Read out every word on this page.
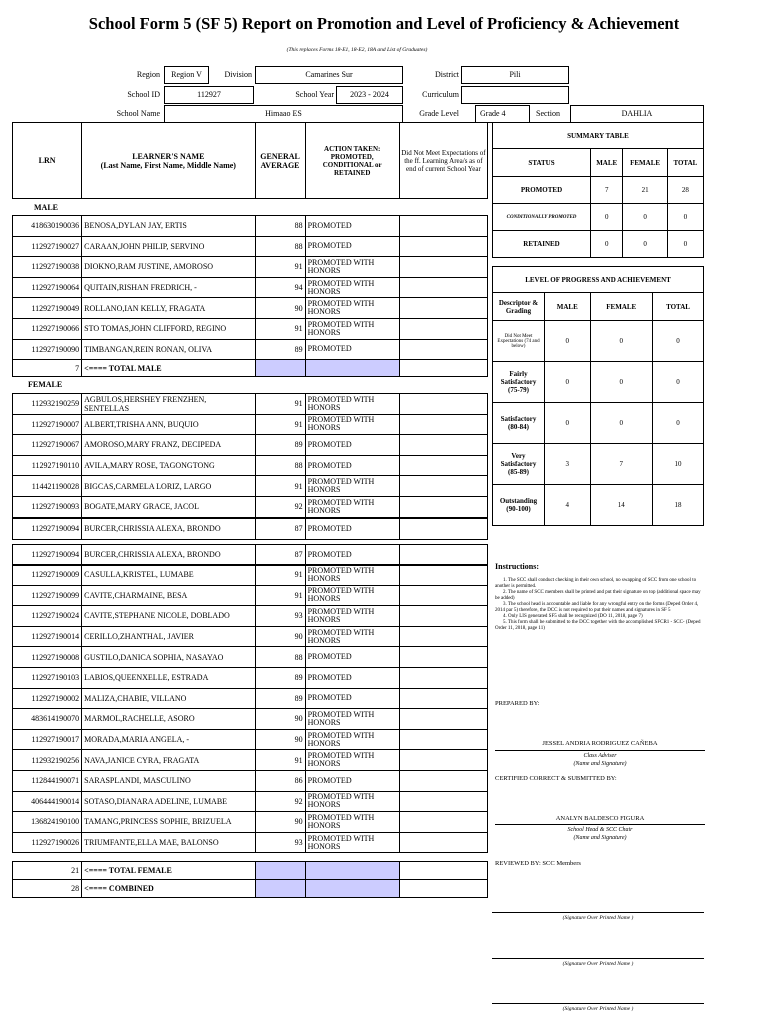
School Form 5 (SF 5) Report on Promotion and Level of Proficiency & Achievement
(This replaces Forms 18-E1, 18-E2, 18A and List of Graduates)
Region	Region V	Division	Camarines Sur	District	Pili
School ID	112927	School Year	2023 - 2024	Curriculum
School Name	Himaao ES	Grade Level	Grade 4	Section	DAHLIA
LRN	LEARNER'S NAME
(Last Name, First Name, Middle Name)
	GENERAL AVERAGE	ACTION TAKEN: PROMOTED, CONDITIONAL or RETAINED	Did Not Meet Expectations of the ff. Learning Area/s as of end of current School Year
MALE
418630190036	BENOSA,DYLAN JAY, ERTIS	88	PROMOTED	
112927190027	CARAAN,JOHN PHILIP, SERVINO	88	PROMOTED	
112927190038	DIOKNO,RAM JUSTINE, AMOROSO	91	PROMOTED WITH HONORS	
112927190064	QUITAIN,RISHAN FREDRICH, -	94	PROMOTED WITH HONORS	
112927190049	ROLLANO,IAN KELLY, FRAGATA	90	PROMOTED WITH HONORS	
112927190066	STO TOMAS,JOHN CLIFFORD, REGINO	91	PROMOTED WITH HONORS	
112927190090	TIMBANGAN,REIN RONAN, OLIVA	89	PROMOTED	
7	<==== TOTAL MALE			
FEMALE
112932190259	AGBULOS,HERSHEY FRENZHEN, SENTELLAS	91	PROMOTED WITH HONORS	
112927190007	ALBERT,TRISHA ANN, BUQUIO	91	PROMOTED WITH HONORS	
112927190067	AMOROSO,MARY FRANZ, DECIPEDA	89	PROMOTED	
112927190110	AVILA,MARY ROSE, TAGONGTONG	88	PROMOTED	
114421190028	BIGCAS,CARMELA LORIZ, LARGO	91	PROMOTED WITH HONORS	
112927190093	BOGATE,MARY GRACE, JACOL	92	PROMOTED WITH HONORS	
112927190094	BURCER,CHRISSIA ALEXA, BRONDO	87	PROMOTED	
SUMMARY TABLE			
STATUS	MALE	FEMALE	TOTAL
PROMOTED	7	21	28
CONDITIONALLY PROMOTED	0	0	0
RETAINED	0	0	0
LEVEL OF PROGRESS AND ACHIEVEMENT			
Descriptor & Grading	MALE	FEMALE	TOTAL
Did Not Meet Expectations (74 and below)	0	0	0
Fairly Satisfactory (75-79)	0	0	0
Satisfactory (80-84)	0	0	0
Very Satisfactory (85-89)	3	7	10
Outstanding (90-100)	4	14	18
112927190094	BURCER,CHRISSIA ALEXA, BRONDO	87	PROMOTED	
112927190009	CASULLA,KRISTEL, LUMABE	91	PROMOTED WITH HONORS	
112927190099	CAVITE,CHARMAINE, BESA	91	PROMOTED WITH HONORS	
112927190024	CAVITE,STEPHANE NICOLE, DOBLADO	93	PROMOTED WITH HONORS	
112927190014	CERILLO,ZHANTHAL, JAVIER	90	PROMOTED WITH HONORS	
112927190008	GUSTILO,DANICA SOPHIA, NASAYAO	88	PROMOTED	
112927190103	LABIOS,QUEENXELLE, ESTRADA	89	PROMOTED	
112927190002	MALIZA,CHABIE, VILLANO	89	PROMOTED	
483614190070	MARMOL,RACHELLE, ASORO	90	PROMOTED WITH HONORS	
112927190017	MORADA,MARIA ANGELA, -	90	PROMOTED WITH HONORS	
112932190256	NAVA,JANICE CYRA, FRAGATA	91	PROMOTED WITH HONORS	
112844190071	SARASPLANDI, MASCULINO	86	PROMOTED	
406444190014	SOTASO,DIANARA ADELINE, LUMABE	92	PROMOTED WITH HONORS	
136824190100	TAMANG,PRINCESS SOPHIE, BRIZUELA	90	PROMOTED WITH HONORS	
112927190026	TRIUMFANTE,ELLA MAE, BALONSO	93	PROMOTED WITH HONORS	
21	<==== TOTAL FEMALE			
28	<==== COMBINED			
Instructions:
1. The SCC shall conduct checking in their own school, no swapping of SCC from one school to another is permitted.
2. The name of SCC members shall be printed and put their signature on top (additional space may be added)
3. The school head is accountable and liable for any wrongful entry on the forms (Deped Order 4, 2014 par 5) therefore, the DCC is not required to put their names and signatures in SF 5
4. Only LIS generated SF5 shall be recognized (DO 11, 2018, page 7)
5. This form shall be submitted to the DCC together with the accomplished SFCR1 - SCC- (Deped Order 11, 2018, page 11)
PREPARED BY:
JESSEL ANDRIA RODRIGUEZ CAÑEBA
Class Adviser
(Name and Signature)
CERTIFIED CORRECT & SUBMITTED BY:
ANALYN BALDESCO FIGURA
School Head & SCC Chair
(Name and Signature)
REVIEWED BY: SCC Members
(Signature Over Printed Name )
(Signature Over Printed Name )
(Signature Over Printed Name )
